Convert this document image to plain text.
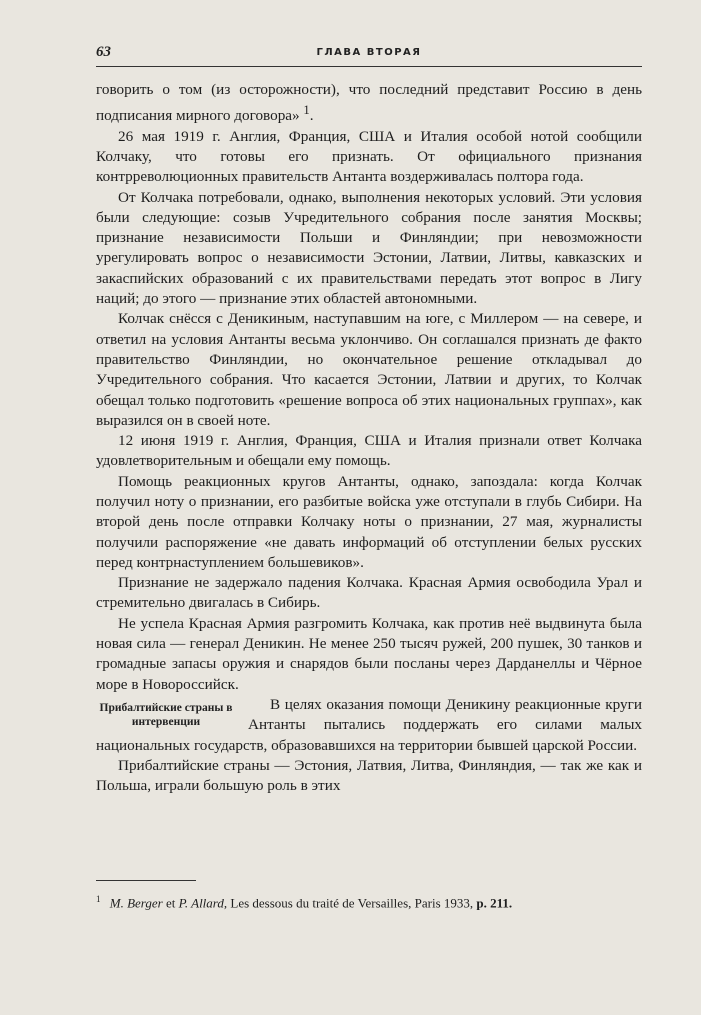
63	ГЛАВА ВТОРАЯ

говорить о том (из осторожности), что последний представит Россию в день подписания мирного договора» $^1$.

26 мая 1919 г. Англия, Франция, США и Италия особой нотой сообщили Колчаку, что готовы его признать. От официального признания контрреволюционных правительств Антанта воздерживалась полтора года.

От Колчака потребовали, однако, выполнения некоторых условий. Эти условия были следующие: созыв Учредительного собрания после занятия Москвы; признание независимости Польши и Финляндии; при невозможности урегулировать вопрос о независимости Эстонии, Латвии, Литвы, кавказских и закаспийских образований с их правительствами передать этот вопрос в Лигу наций; до этого — признание этих областей автономными.

Колчак снёсся с Деникиным, наступавшим на юге, с Миллером — на севере, и ответил на условия Антанты весьма уклончиво. Он соглашался признать де факто правительство Финляндии, но окончательное решение откладывал до Учредительного собрания. Что касается Эстонии, Латвии и других, то Колчак обещал только подготовить «решение вопроса об этих национальных группах», как выразился он в своей ноте.

12 июня 1919 г. Англия, Франция, США и Италия признали ответ Колчака удовлетворительным и обещали ему помощь.

Помощь реакционных кругов Антанты, однако, запоздала: когда Колчак получил ноту о признании, его разбитые войска уже отступали в глубь Сибири. На второй день после отправки Колчаку ноты о признании, 27 мая, журналисты получили распоряжение «не давать информаций об отступлении белых русских перед контрнаступлением большевиков».

Признание не задержало падения Колчака. Красная Армия освободила Урал и стремительно двигалась в Сибирь.

Не успела Красная Армия разгромить Колчака, как против неё выдвинута была новая сила — генерал Деникин. Не менее 250 тысяч ружей, 200 пушек, 30 танков и громадные запасы оружия и снарядов были посланы через Дарданеллы и Чёрное море в Новороссийск.

Прибалтийские страны в интервенции

В целях оказания помощи Деникину реакционные круги Антанты пытались поддержать его силами малых национальных государств, образовавшихся на территории бывшей царской России.

Прибалтийские страны — Эстония, Латвия, Литва, Финляндия, — так же как и Польша, играли большую роль в этих

$^1$ M. Berger et P. Allard, Les dessous du traité de Versailles, Paris 1933, p. 211.
